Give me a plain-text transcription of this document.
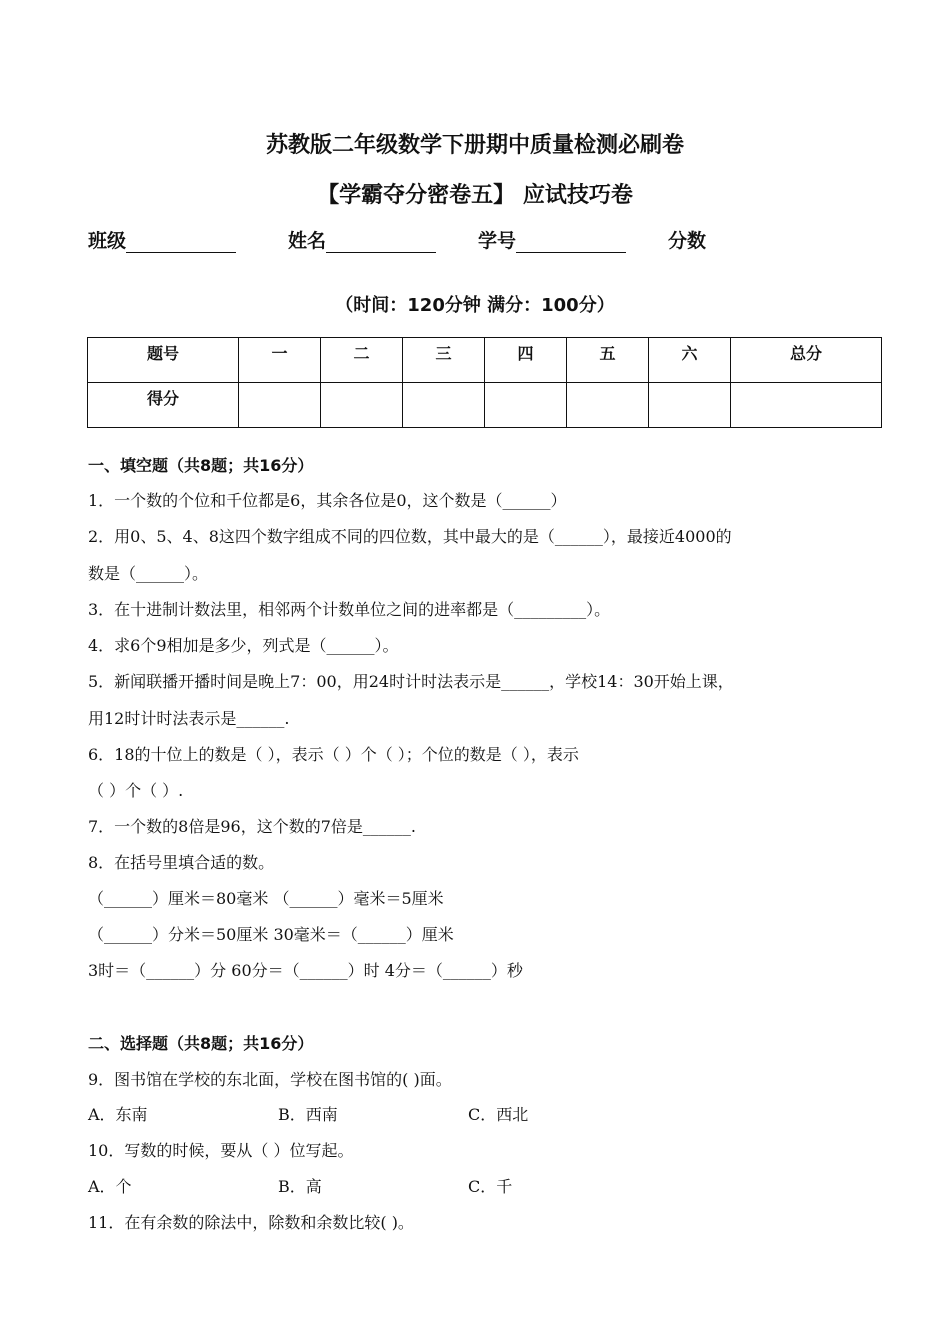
苏教版二年级数学下册期中质量检测必刷卷
【学霸夺分密卷五】 应试技巧卷
班级	姓名	学号	分数
（时间：120分钟 满分：100分）
题号	一	二	三	四	五	六	总分
得分							
一、填空题（共8题；共16分）
1．一个数的个位和千位都是6，其余各位是0，这个数是（______）
2．用0、5、4、8这四个数字组成不同的四位数，其中最大的是（______），最接近4000的
数是（______）。
3．在十进制计数法里，相邻两个计数单位之间的进率都是（_________）。
4．求6个9相加是多少，列式是（______）。
5．新闻联播开播时间是晚上7：00，用24时计时法表示是______，学校14：30开始上课，
用12时计时法表示是______.
6．18的十位上的数是（ ），表示（ ）个（ ）；个位的数是（ ），表示
（ ）个（ ）.
7．一个数的8倍是96，这个数的7倍是______.
8．在括号里填合适的数。
（______）厘米＝80毫米 （______）毫米＝5厘米
（______）分米＝50厘米 30毫米＝（______）厘米
3时＝（______）分 60分＝（______）时 4分＝（______）秒
二、选择题（共8题；共16分）
9．图书馆在学校的东北面，学校在图书馆的( )面。
A．东南	B．西南	C．西北
10．写数的时候，要从（ ）位写起。
A．个	B．高	C．千
11．在有余数的除法中，除数和余数比较( )。
